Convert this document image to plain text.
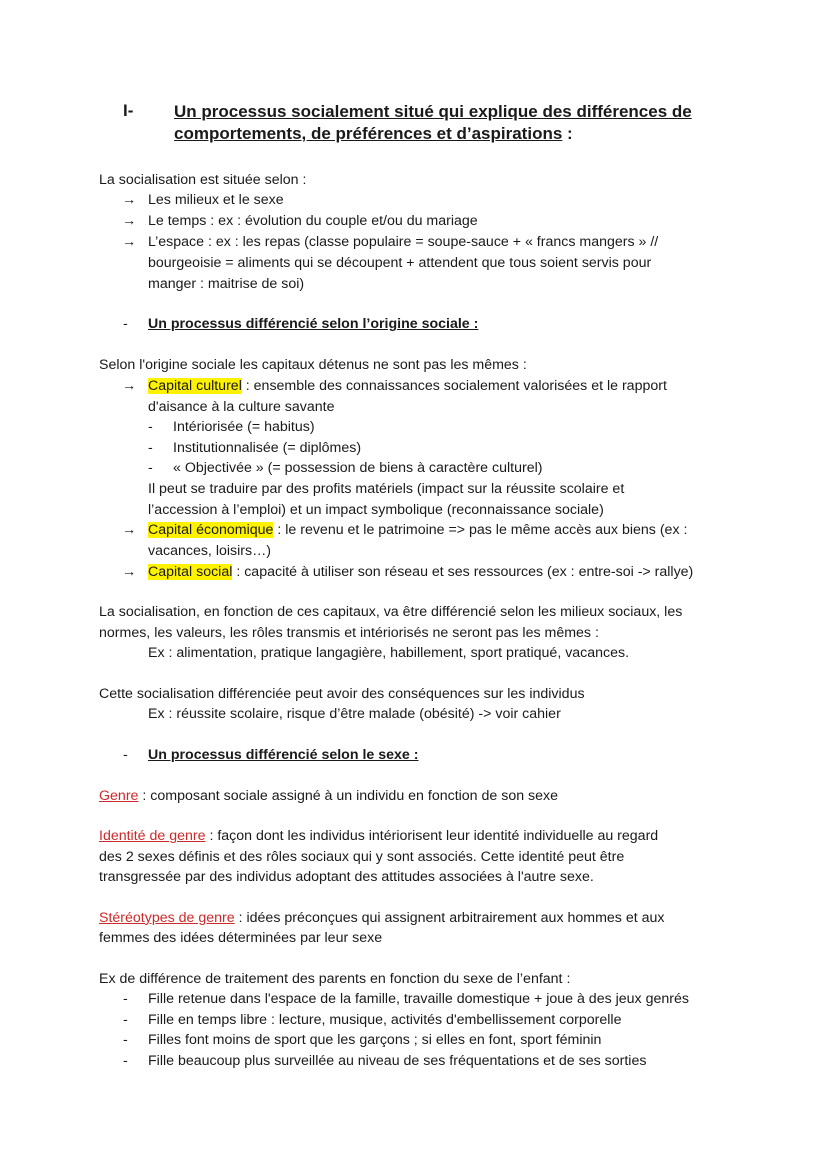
I- Un processus socialement situé qui explique des différences de
comportements, de préférences et d’aspirations :
La socialisation est située selon :
→ Les milieux et le sexe
→ Le temps : ex : évolution du couple et/ou du mariage
→ L’espace : ex : les repas (classe populaire = soupe-sauce + « francs mangers » //
bourgeoisie = aliments qui se découpent + attendent que tous soient servis pour
manger : maitrise de soi)
- Un processus différencié selon l’origine sociale :
Selon l'origine sociale les capitaux détenus ne sont pas les mêmes :
→ Capital culturel : ensemble des connaissances socialement valorisées et le rapport
d'aisance à la culture savante
- Intériorisée (= habitus)
- Institutionnalisée (= diplômes)
- « Objectivée » (= possession de biens à caractère culturel)
Il peut se traduire par des profits matériels (impact sur la réussite scolaire et
l’accession à l’emploi) et un impact symbolique (reconnaissance sociale)
→ Capital économique : le revenu et le patrimoine => pas le même accès aux biens (ex :
vacances, loisirs…)
→ Capital social : capacité à utiliser son réseau et ses ressources (ex : entre-soi -> rallye)
La socialisation, en fonction de ces capitaux, va être différencié selon les milieux sociaux, les
normes, les valeurs, les rôles transmis et intériorisés ne seront pas les mêmes :
Ex : alimentation, pratique langagière, habillement, sport pratiqué, vacances.
Cette socialisation différenciée peut avoir des conséquences sur les individus
Ex : réussite scolaire, risque d’être malade (obésité) -> voir cahier
- Un processus différencié selon le sexe :
Genre : composant sociale assigné à un individu en fonction de son sexe
Identité de genre : façon dont les individus intériorisent leur identité individuelle au regard
des 2 sexes définis et des rôles sociaux qui y sont associés. Cette identité peut être
transgressée par des individus adoptant des attitudes associées à l'autre sexe.
Stéréotypes de genre : idées préconçues qui assignent arbitrairement aux hommes et aux
femmes des idées déterminées par leur sexe
Ex de différence de traitement des parents en fonction du sexe de l’enfant :
- Fille retenue dans l'espace de la famille, travaille domestique + joue à des jeux genrés
- Fille en temps libre : lecture, musique, activités d'embellissement corporelle
- Filles font moins de sport que les garçons ; si elles en font, sport féminin
- Fille beaucoup plus surveillée au niveau de ses fréquentations et de ses sorties
